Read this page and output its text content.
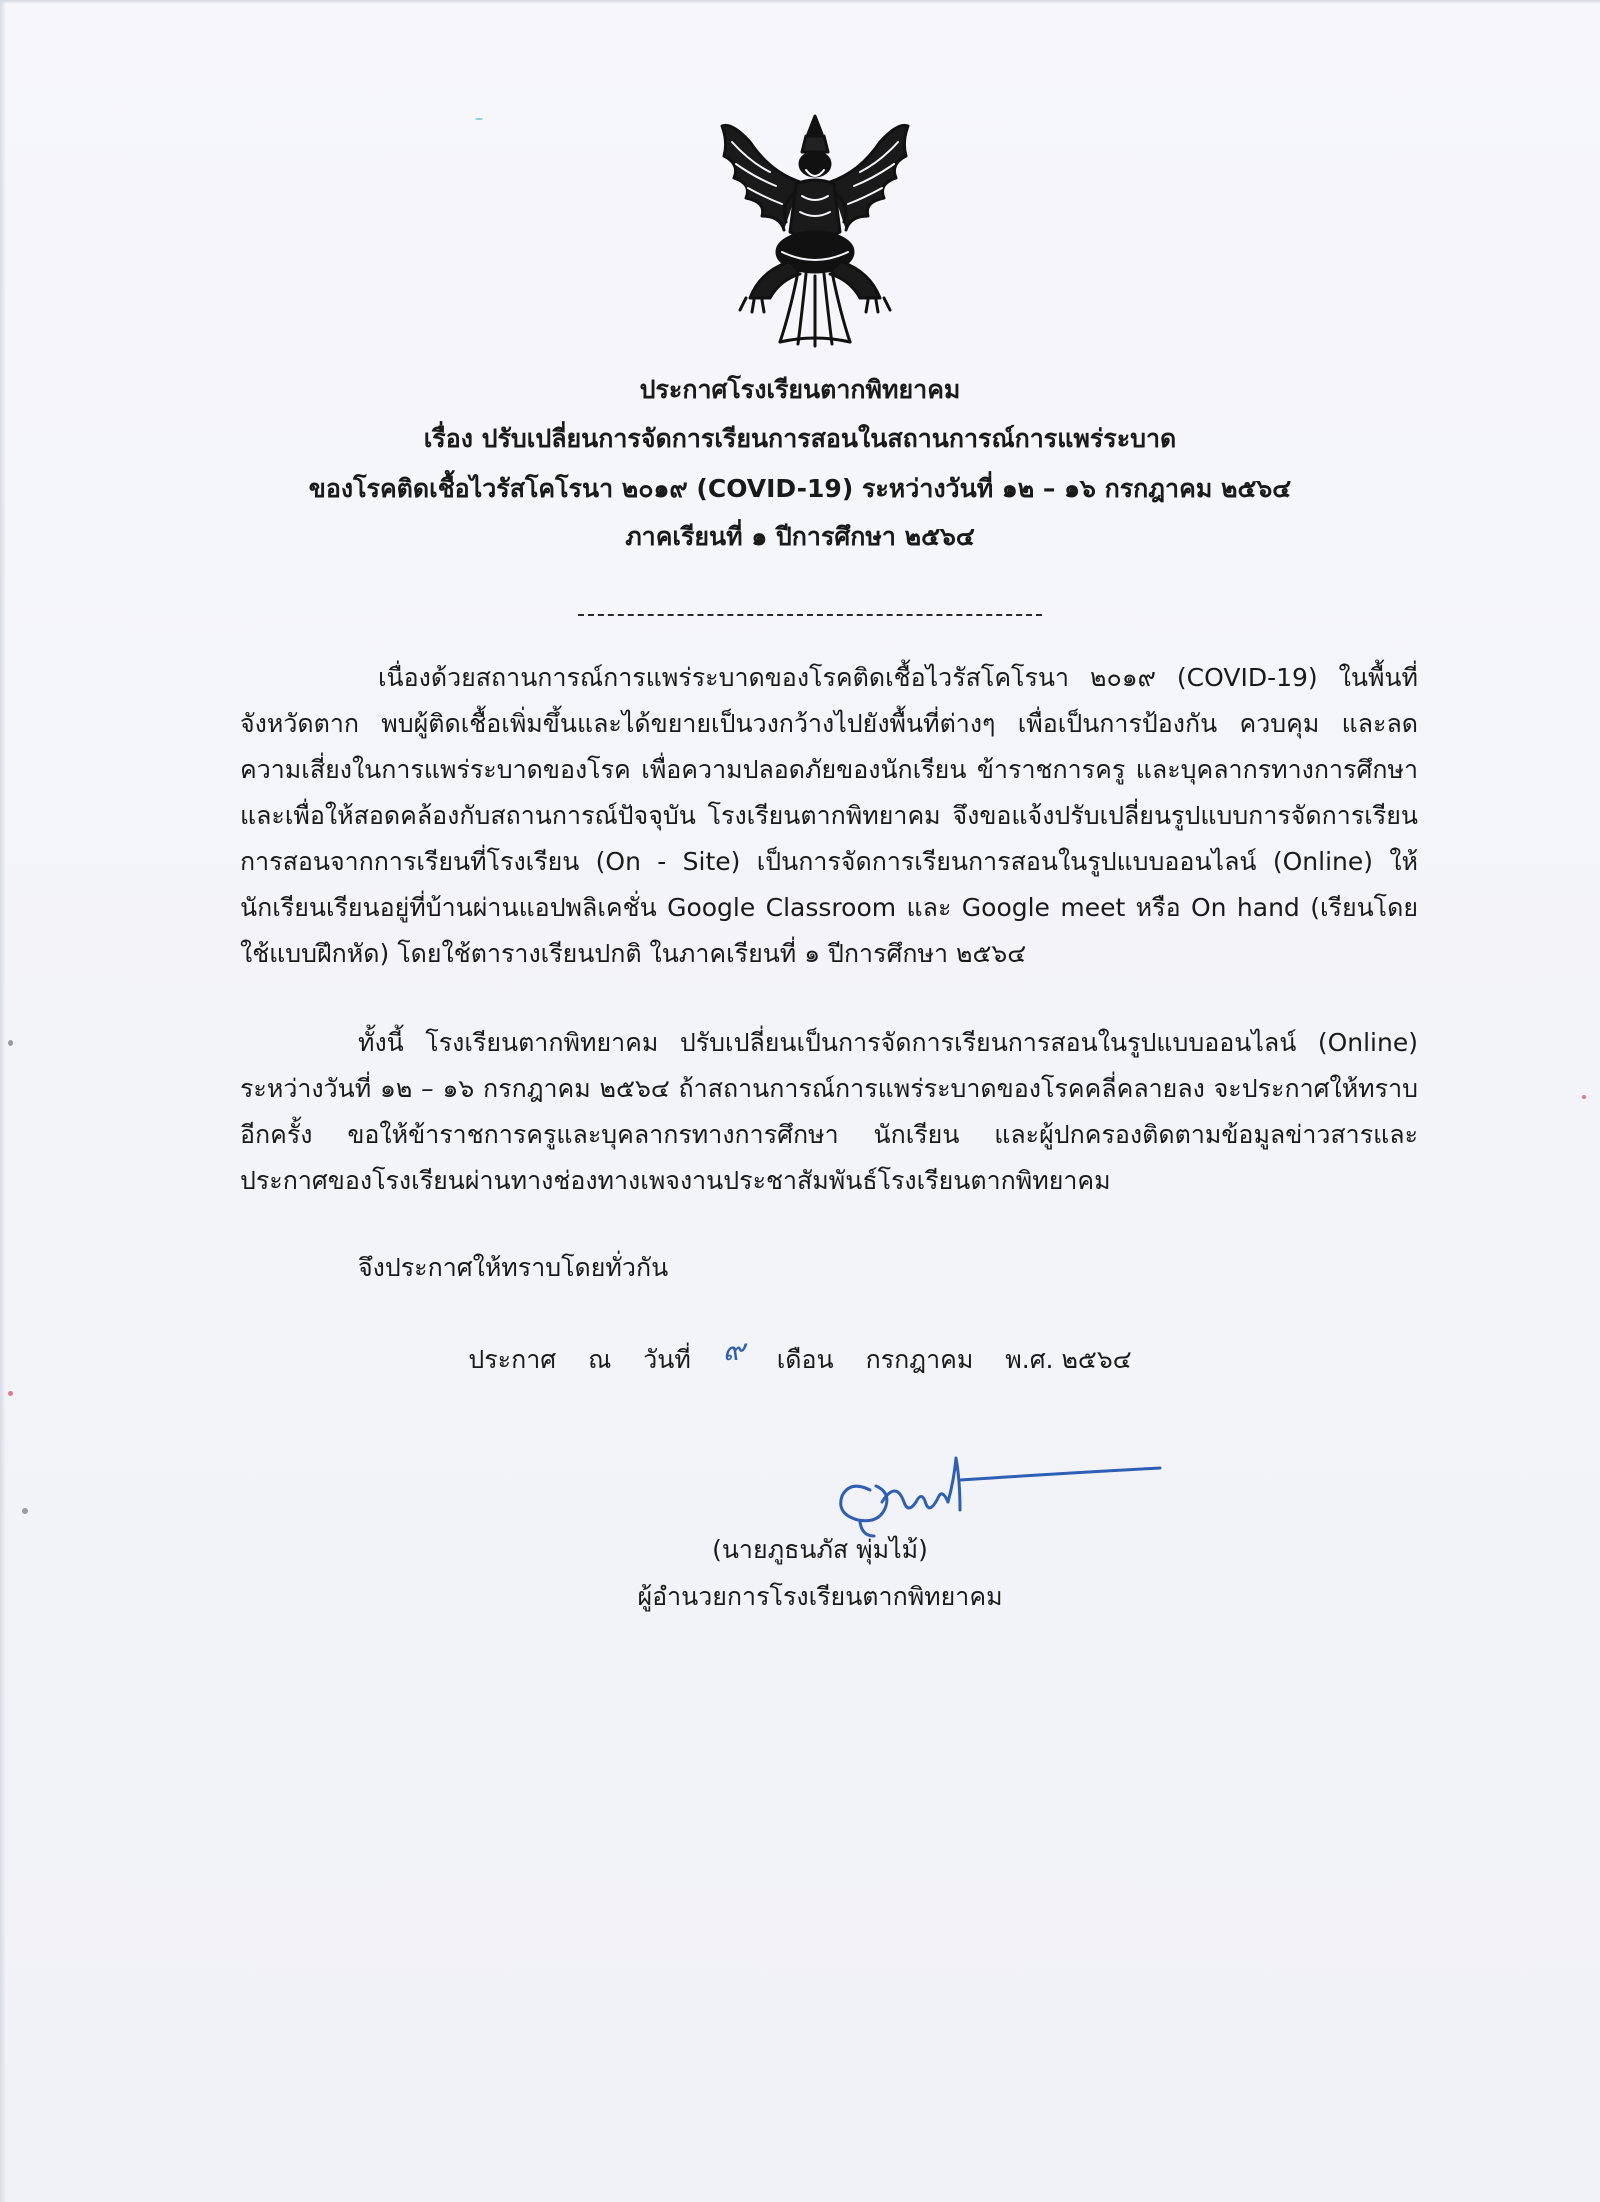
ประกาศโรงเรียนตากพิทยาคม
เรื่อง ปรับเปลี่ยนการจัดการเรียนการสอนในสถานการณ์การแพร่ระบาด
ของโรคติดเชื้อไวรัสโคโรนา ๒๐๑๙ (COVID-19) ระหว่างวันที่ ๑๒ – ๑๖ กรกฎาคม ๒๕๖๔
ภาคเรียนที่ ๑ ปีการศึกษา ๒๕๖๔
เนื่องด้วยสถานการณ์การแพร่ระบาดของโรคติดเชื้อไวรัสโคโรนา ๒๐๑๙ (COVID-19) ในพื้นที่จังหวัดตาก พบผู้ติดเชื้อเพิ่มขึ้นและได้ขยายเป็นวงกว้างไปยังพื้นที่ต่างๆ เพื่อเป็นการป้องกัน ควบคุม และลดความเสี่ยงในการแพร่ระบาดของโรค เพื่อความปลอดภัยของนักเรียน ข้าราชการครู และบุคลากรทางการศึกษา และเพื่อให้สอดคล้องกับสถานการณ์ปัจจุบัน โรงเรียนตากพิทยาคม จึงขอแจ้งปรับเปลี่ยนรูปแบบการจัดการเรียนการสอนจากการเรียนที่โรงเรียน (On - Site) เป็นการจัดการเรียนการสอนในรูปแบบออนไลน์ (Online) ให้นักเรียนเรียนอยู่ที่บ้านผ่านแอปพลิเคชั่น Google Classroom และ Google meet หรือ On hand (เรียนโดยใช้แบบฝึกหัด) โดยใช้ตารางเรียนปกติ ในภาคเรียนที่ ๑ ปีการศึกษา ๒๕๖๔
ทั้งนี้ โรงเรียนตากพิทยาคม ปรับเปลี่ยนเป็นการจัดการเรียนการสอนในรูปแบบออนไลน์ (Online) ระหว่างวันที่ ๑๒ – ๑๖ กรกฎาคม ๒๕๖๔ ถ้าสถานการณ์การแพร่ระบาดของโรคคลี่คลายลง จะประกาศให้ทราบอีกครั้ง ขอให้ข้าราชการครูและบุคลากรทางการศึกษา นักเรียน และผู้ปกครองติดตามข้อมูลข่าวสารและประกาศของโรงเรียนผ่านทางช่องทางเพจงานประชาสัมพันธ์โรงเรียนตากพิทยาคม
จึงประกาศให้ทราบโดยทั่วกัน
ประกาศ ณ วันที่ ๙ เดือน กรกฎาคม พ.ศ. ๒๕๖๔
(นายภูธนภัส พุ่มไม้)
ผู้อำนวยการโรงเรียนตากพิทยาคม
